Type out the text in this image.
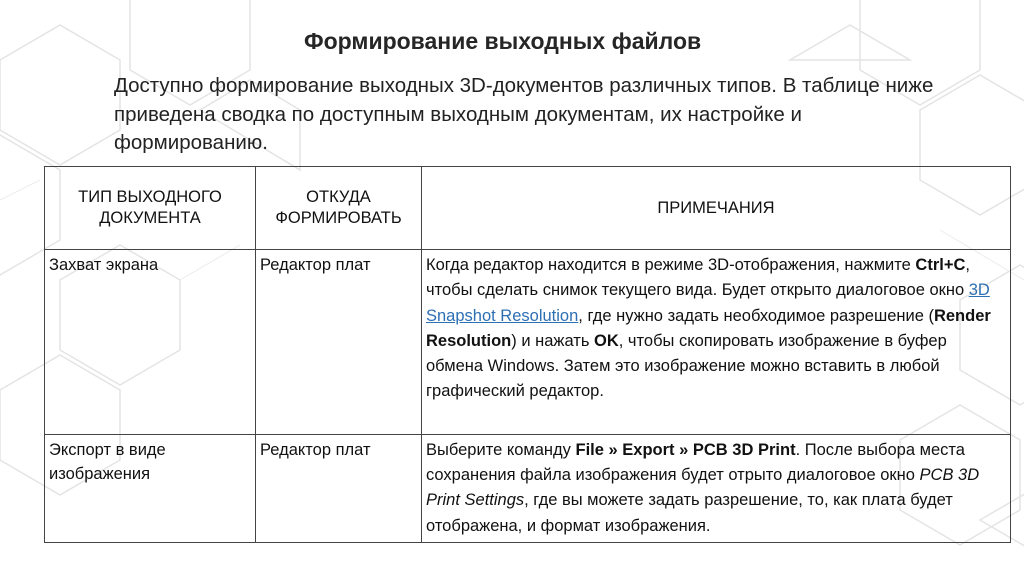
Формирование выходных файлов

Доступно формирование выходных 3D-документов различных типов. В таблице ниже приведена сводка по доступным выходным документам, их настройке и формированию.

ТИП ВЫХОДНОГО ДОКУМЕНТА	ОТКУДА ФОРМИРОВАТЬ	ПРИМЕЧАНИЯ
Захват экрана	Редактор плат	Когда редактор находится в режиме 3D-отображения, нажмите Ctrl+C, чтобы сделать снимок текущего вида. Будет открыто диалоговое окно 3D Snapshot Resolution, где нужно задать необходимое разрешение (Render Resolution) и нажать OK, чтобы скопировать изображение в буфер обмена Windows. Затем это изображение можно вставить в любой графический редактор.
Экспорт в виде изображения	Редактор плат	Выберите команду File » Export » PCB 3D Print. После выбора места сохранения файла изображения будет отрыто диалоговое окно PCB 3D Print Settings, где вы можете задать разрешение, то, как плата будет отображена, и формат изображения.
